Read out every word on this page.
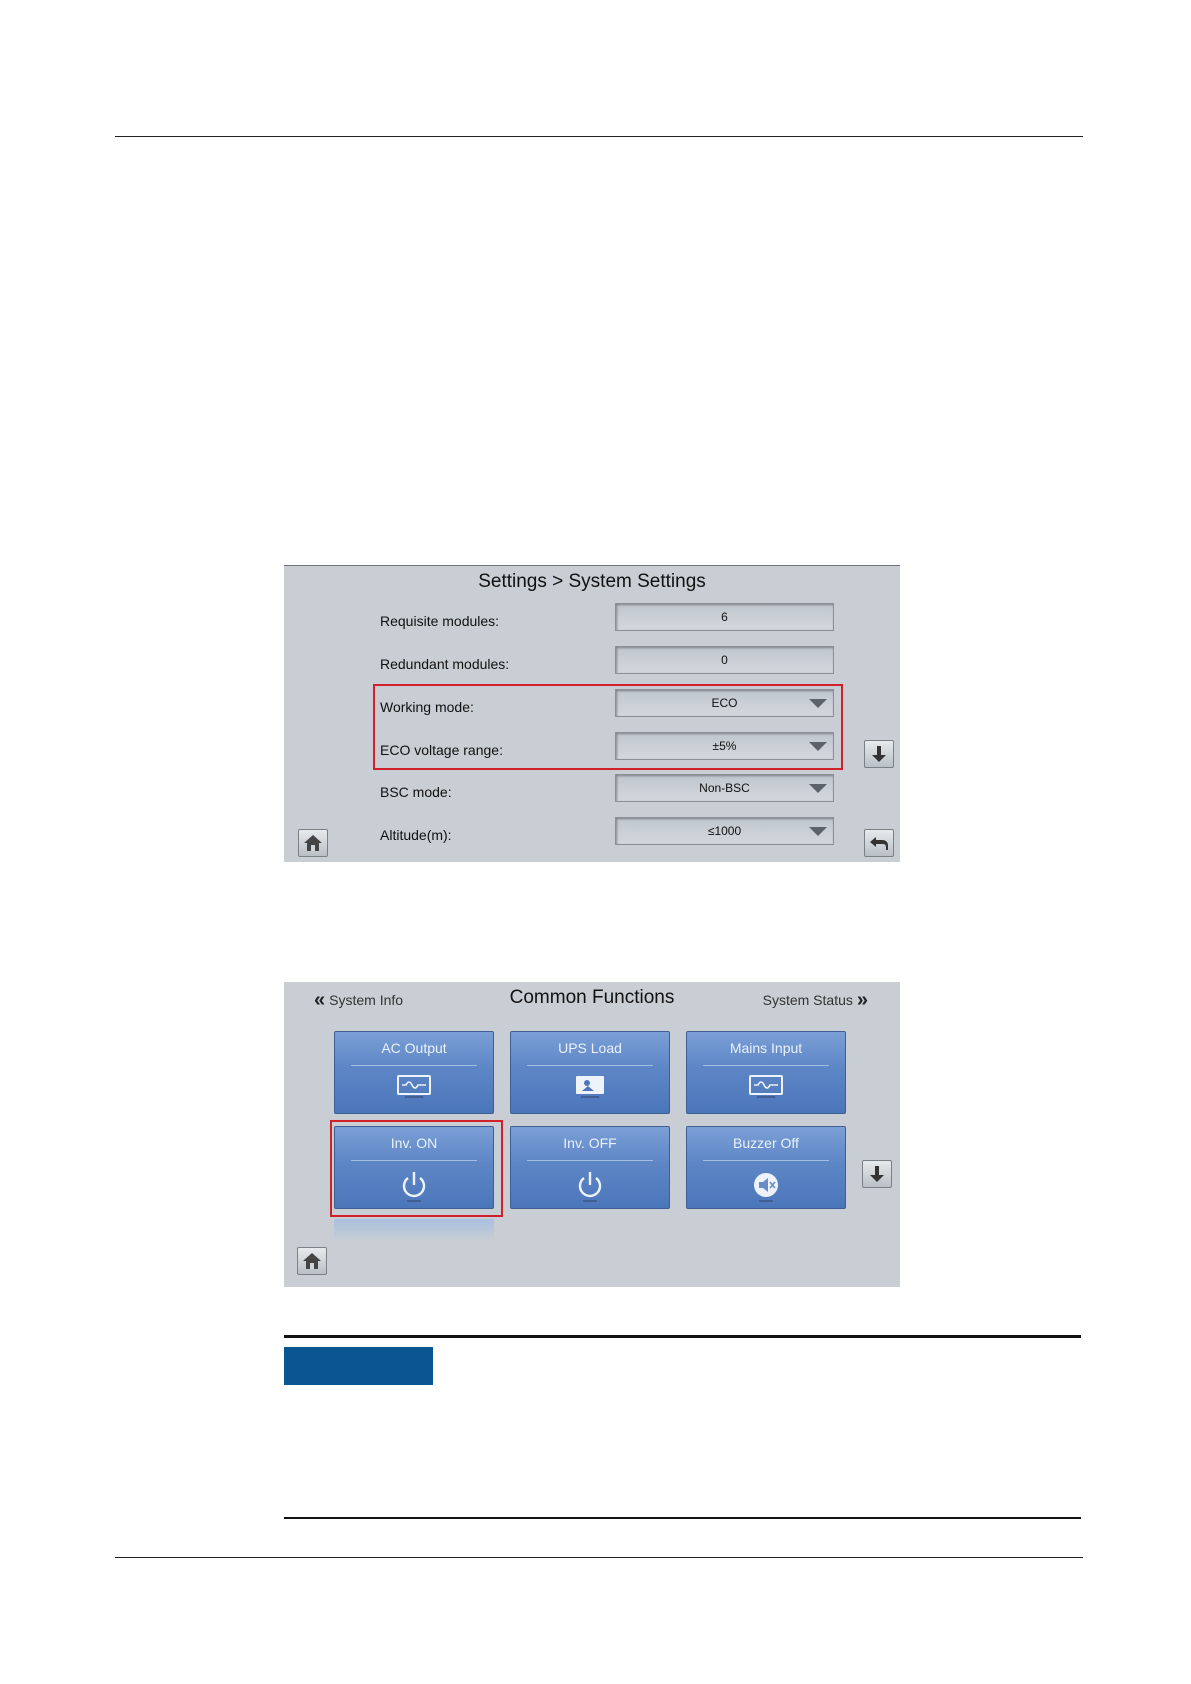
Settings > System Settings
Requisite modules:	6
Redundant modules:	0
Working mode:	ECO
ECO voltage range:	±5%
BSC mode:	Non-BSC
Altitude(m):	≤1000
« System Info	Common Functions	System Status »
AC Output	UPS Load	Mains Input
Inv. ON	Inv. OFF	Buzzer Off
